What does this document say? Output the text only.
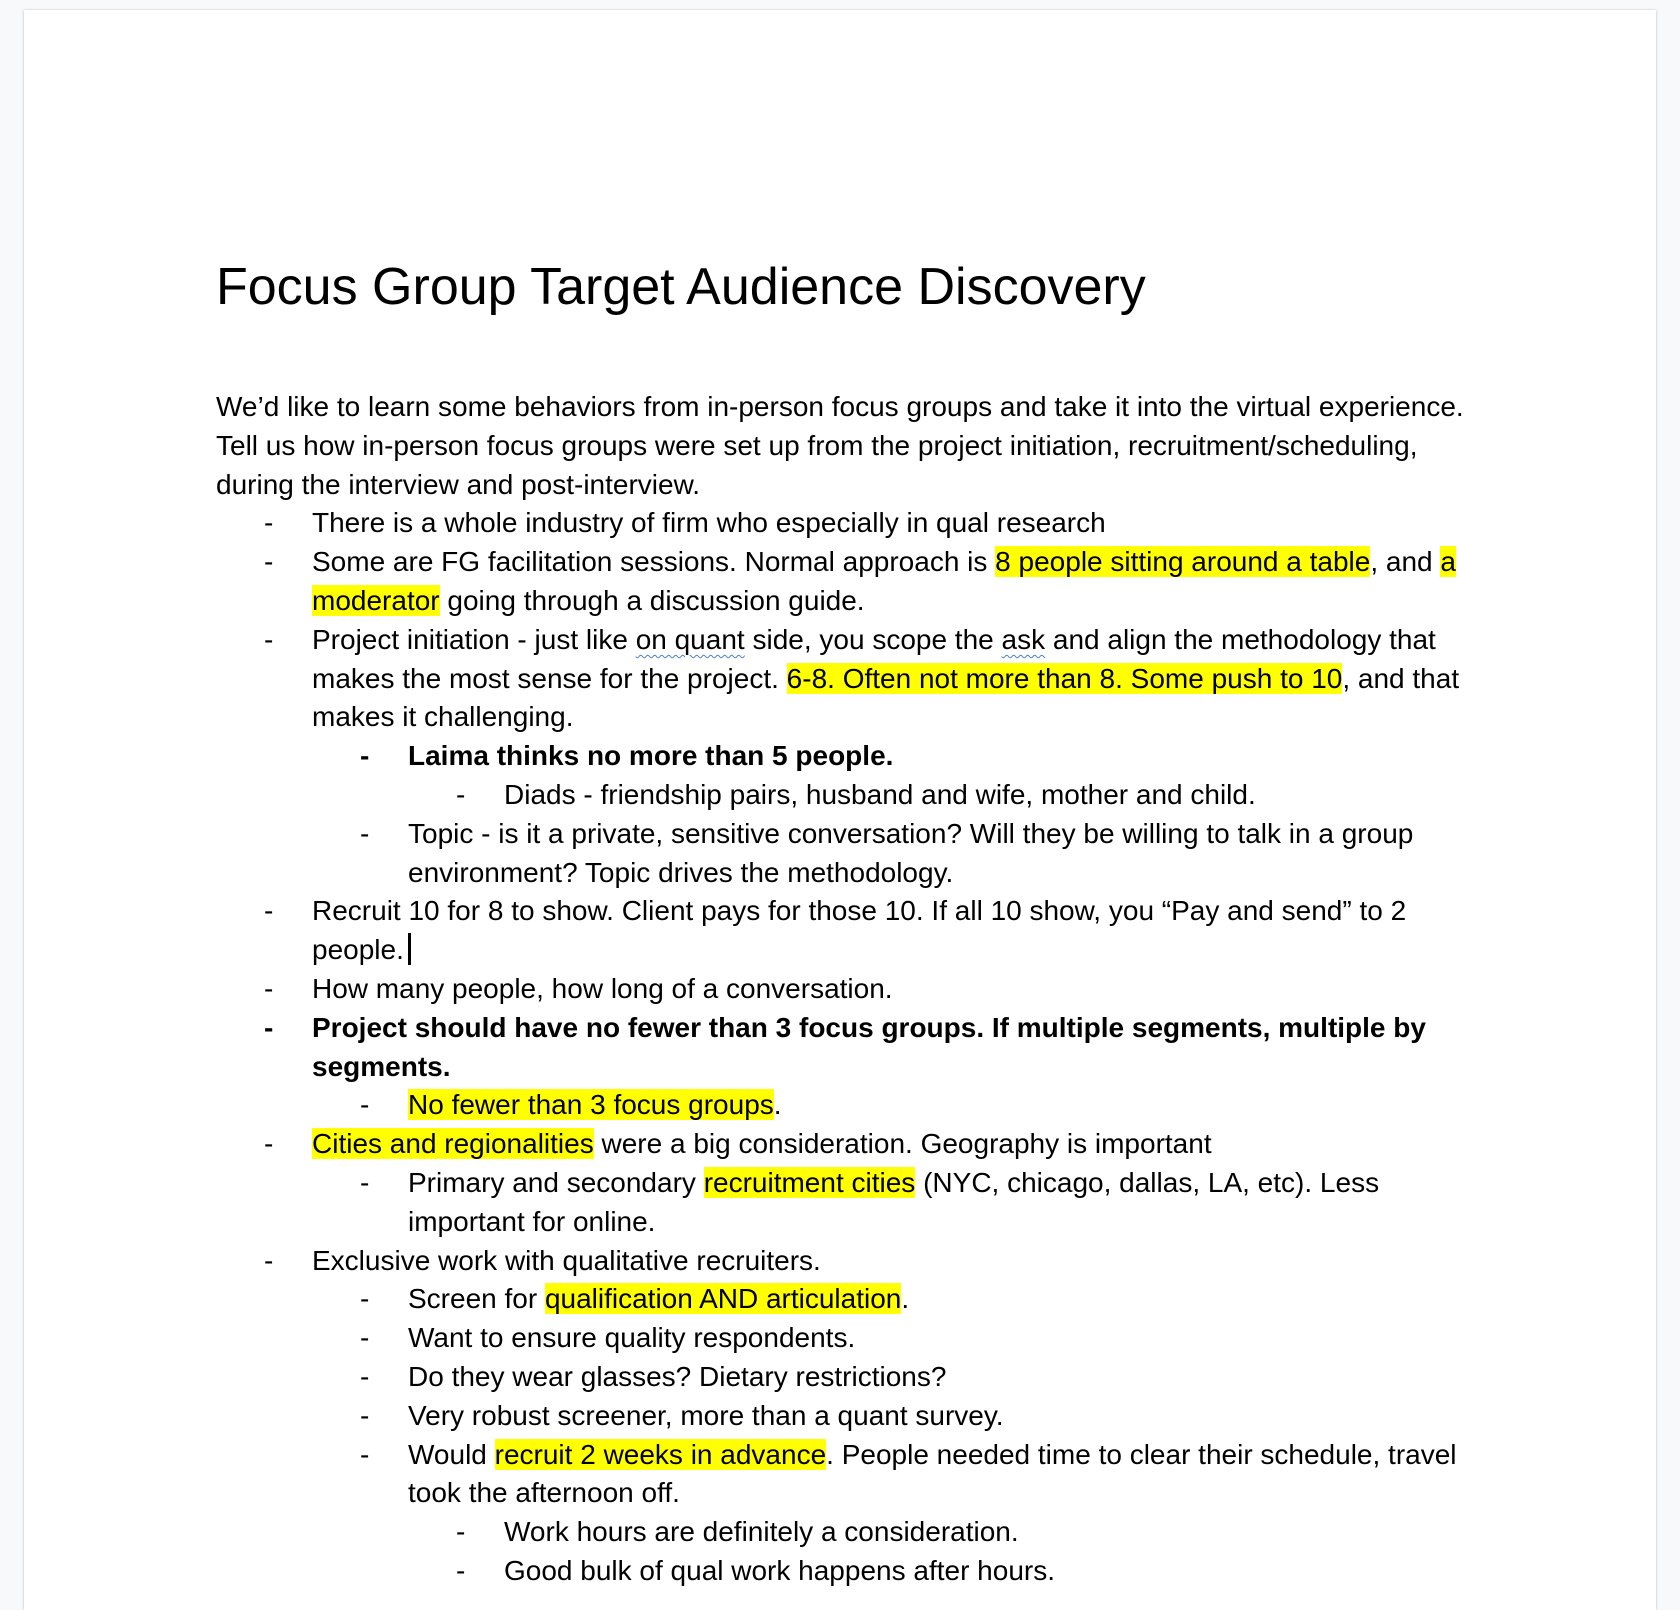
Focus Group Target Audience Discovery

We’d like to learn some behaviors from in-person focus groups and take it into the virtual experience. Tell us how in-person focus groups were set up from the project initiation, recruitment/scheduling, during the interview and post-interview.

- There is a whole industry of firm who especially in qual research
- Some are FG facilitation sessions. Normal approach is 8 people sitting around a table, and a moderator going through a discussion guide.
- Project initiation - just like on quant side, you scope the ask and align the methodology that makes the most sense for the project. 6-8. Often not more than 8. Some push to 10, and that makes it challenging.
- Laima thinks no more than 5 people.
- Diads - friendship pairs, husband and wife, mother and child.
- Topic - is it a private, sensitive conversation? Will they be willing to talk in a group environment? Topic drives the methodology.
- Recruit 10 for 8 to show. Client pays for those 10. If all 10 show, you “Pay and send” to 2 people.
- How many people, how long of a conversation.
- Project should have no fewer than 3 focus groups. If multiple segments, multiple by segments.
- No fewer than 3 focus groups.
- Cities and regionalities were a big consideration. Geography is important
- Primary and secondary recruitment cities (NYC, chicago, dallas, LA, etc). Less important for online.
- Exclusive work with qualitative recruiters.
- Screen for qualification AND articulation.
- Want to ensure quality respondents.
- Do they wear glasses? Dietary restrictions?
- Very robust screener, more than a quant survey.
- Would recruit 2 weeks in advance. People needed time to clear their schedule, travel took the afternoon off.
- Work hours are definitely a consideration.
- Good bulk of qual work happens after hours.
